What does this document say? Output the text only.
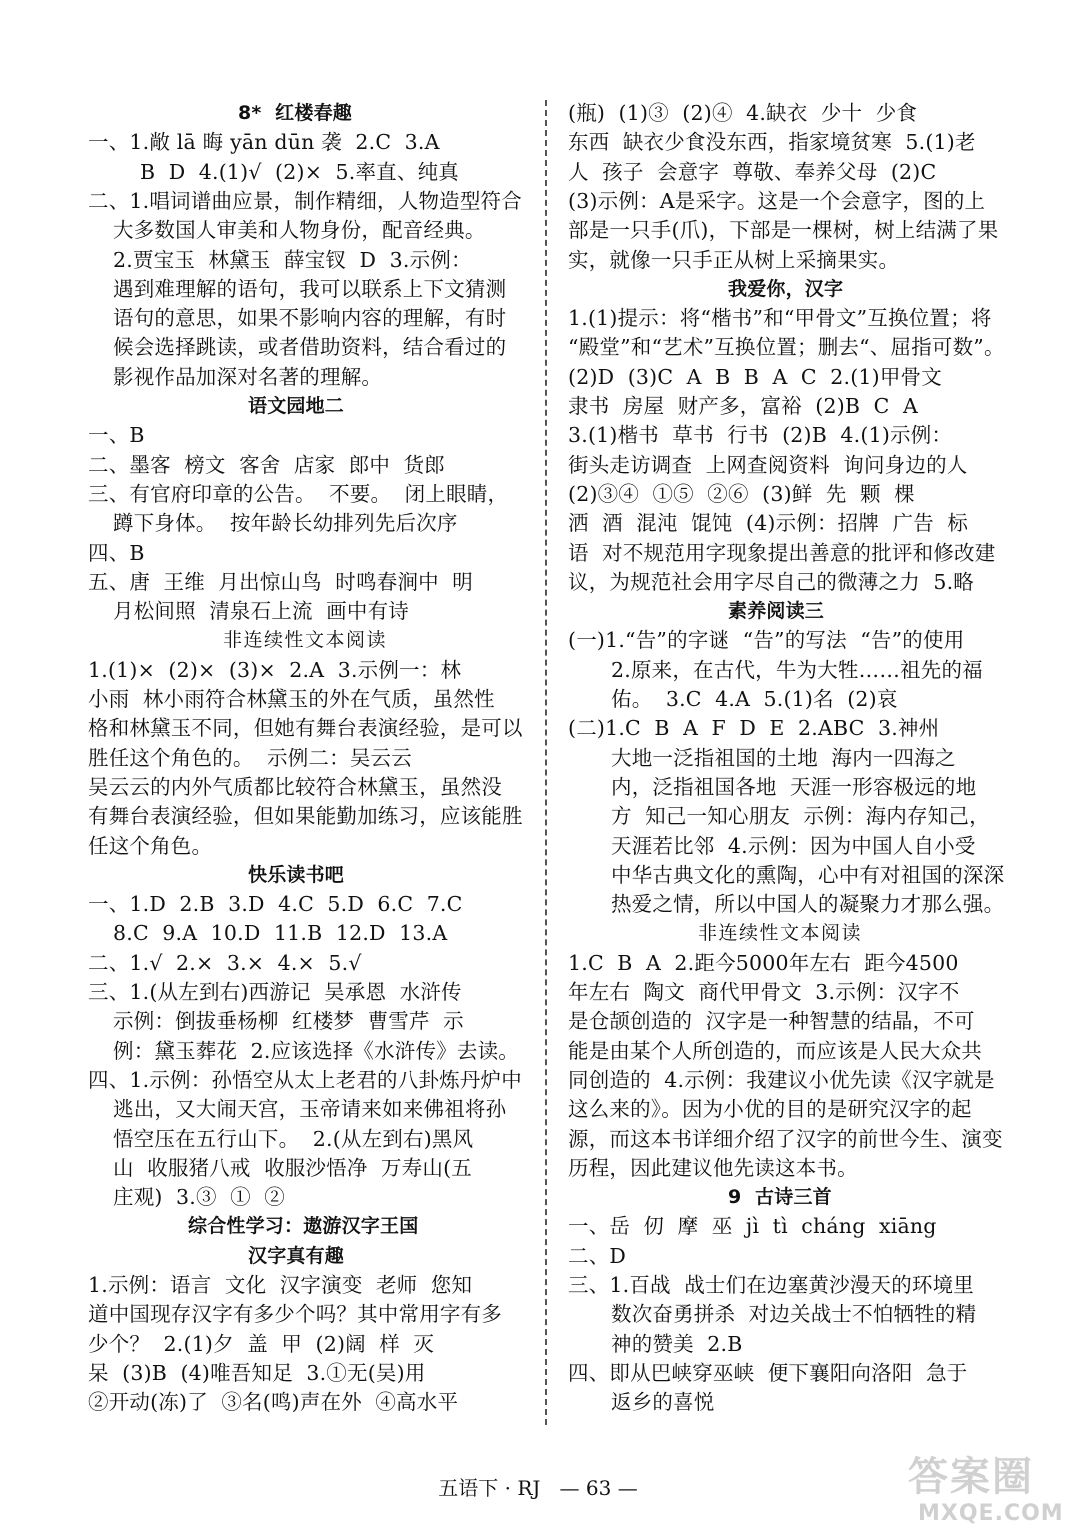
8*  红楼春趣
一、1.敞 lā 晦 yān dūn 袭  2.C  3.A
B  D  4.(1)√  (2)×  5.率直、纯真
二、1.唱词谱曲应景，制作精细，人物造型符合
大多数国人审美和人物身份，配音经典。
2.贾宝玉  林黛玉  薛宝钗  D  3.示例：
遇到难理解的语句，我可以联系上下文猜测
语句的意思，如果不影响内容的理解，有时
候会选择跳读，或者借助资料，结合看过的
影视作品加深对名著的理解。
语文园地二
一、B
二、墨客  榜文  客舍  店家  郎中  货郎
三、有官府印章的公告。  不要。  闭上眼睛，
蹲下身体。  按年龄长幼排列先后次序
四、B
五、唐  王维  月出惊山鸟  时鸣春涧中  明
月松间照  清泉石上流  画中有诗
非连续性文本阅读
1.(1)×  (2)×  (3)×  2.A  3.示例一：林
小雨  林小雨符合林黛玉的外在气质，虽然性
格和林黛玉不同，但她有舞台表演经验，是可以
胜任这个角色的。  示例二：吴云云
吴云云的内外气质都比较符合林黛玉，虽然没
有舞台表演经验，但如果能勤加练习，应该能胜
任这个角色。
快乐读书吧
一、1.D  2.B  3.D  4.C  5.D  6.C  7.C
8.C  9.A  10.D  11.B  12.D  13.A
二、1.√  2.×  3.×  4.×  5.√
三、1.(从左到右)西游记  吴承恩  水浒传
示例：倒拔垂杨柳  红楼梦  曹雪芹  示
例：黛玉葬花  2.应该选择《水浒传》去读。
四、1.示例：孙悟空从太上老君的八卦炼丹炉中
逃出，又大闹天宫，玉帝请来如来佛祖将孙
悟空压在五行山下。  2.(从左到右)黑风
山  收服猪八戒  收服沙悟净  万寿山(五
庄观)  3.③  ①  ②
综合性学习：遨游汉字王国
汉字真有趣
1.示例：语言  文化  汉字演变  老师  您知
道中国现存汉字有多少个吗？其中常用字有多
少个？  2.(1)夕  盖  甲  (2)阔  样  灭
呆  (3)B  (4)唯吾知足  3.①无(吴)用
②开动(冻)了  ③名(鸣)声在外  ④高水平
(瓶)  (1)③  (2)④  4.缺衣  少十  少食
东西  缺衣少食没东西，指家境贫寒  5.(1)老
人  孩子  会意字  尊敬、奉养父母  (2)C
(3)示例：A是采字。这是一个会意字，图的上
部是一只手(爪)，下部是一棵树，树上结满了果
实，就像一只手正从树上采摘果实。
我爱你，汉字
1.(1)提示：将“楷书”和“甲骨文”互换位置；将
“殿堂”和“艺术”互换位置；删去“、屈指可数”。
(2)D  (3)C  A  B  B  A  C  2.(1)甲骨文
隶书  房屋  财产多，富裕  (2)B  C  A
3.(1)楷书  草书  行书  (2)B  4.(1)示例：
街头走访调查  上网查阅资料  询问身边的人
(2)③④  ①⑤  ②⑥  (3)鲜  先  颗  棵
洒  酒  混沌  馄饨  (4)示例：招牌  广告  标
语  对不规范用字现象提出善意的批评和修改建
议，为规范社会用字尽自己的微薄之力  5.略
素养阅读三
(一)1.“告”的字谜  “告”的写法  “告”的使用
2.原来，在古代，牛为大牲……祖先的福
佑。  3.C  4.A  5.(1)名  (2)哀
(二)1.C  B  A  F  D  E  2.ABC  3.神州
大地一泛指祖国的土地  海内一四海之
内，泛指祖国各地  天涯一形容极远的地
方  知己一知心朋友  示例：海内存知己，
天涯若比邻  4.示例：因为中国人自小受
中华古典文化的熏陶，心中有对祖国的深深
热爱之情，所以中国人的凝聚力才那么强。
非连续性文本阅读
1.C  B  A  2.距今5000年左右  距今4500
年左右  陶文  商代甲骨文  3.示例：汉字不
是仓颉创造的  汉字是一种智慧的结晶，不可
能是由某个人所创造的，而应该是人民大众共
同创造的  4.示例：我建议小优先读《汉字就是
这么来的》。因为小优的目的是研究汉字的起
源，而这本书详细介绍了汉字的前世今生、演变
历程，因此建议他先读这本书。
9  古诗三首
一、岳  仞  摩  巫  jì  tì  cháng  xiāng
二、D
三、1.百战  战士们在边塞黄沙漫天的环境里
数次奋勇拼杀  对边关战士不怕牺牲的精
神的赞美  2.B
四、即从巴峡穿巫峡  便下襄阳向洛阳  急于
返乡的喜悦
五语下 · RJ — 63 —	答案圈
MXQE.COM
